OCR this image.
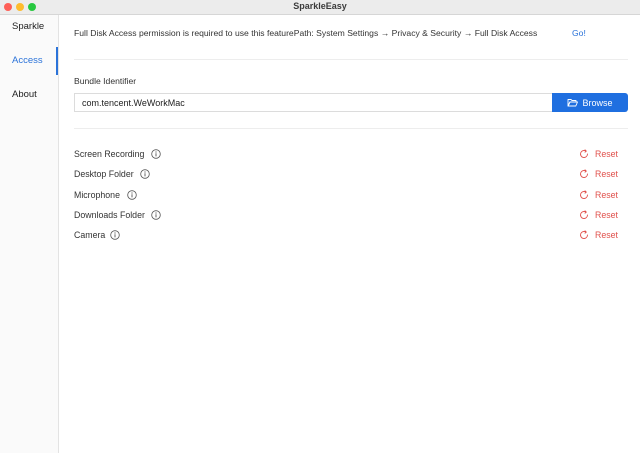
SparkleEasy
Sparkle
Access
About
Full Disk Access permission is required to use this featurePath: System Settings → Privacy & Security → Full Disk Access	Go!
Bundle Identifier
com.tencent.WeWorkMac
Browse
Screen Recording	Reset
Desktop Folder	Reset
Microphone	Reset
Downloads Folder	Reset
Camera	Reset
